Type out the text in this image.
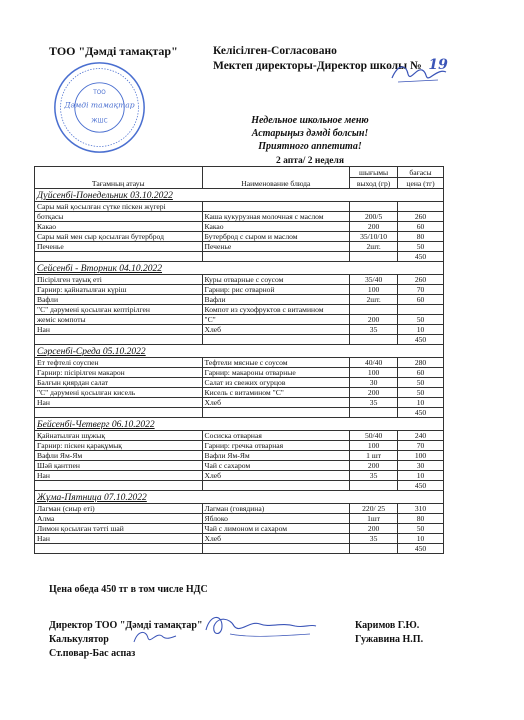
ТОО "Дәмді тамақтар"	Келісілген-Согласовано
Мектеп директоры-Директор школы № 19
ТОО
Дәмді тамақтар
ЖШС	Недельное школьное меню
Астарыңыз дәмді болсын!
Приятного аппетита!
2 апта/ 2 неделя
Тағамның атауы	Наименование блюда	шығымы	бағасы
		выход (гр)	цена (тг)
Дүйсенбі-Понедельник 03.10.2022			
Сары май қосылған сүтке піскен жүгері			
ботқасы	Каша кукурузная молочная с маслом	200/5	260
Какао	Какао	200	60
Сары май мен сыр қосылған бутерброд	Бутерброд с сыром и маслом	35/10/10	80
Печенье	Печенье	2шт.	50
			450
Сейсенбі - Вторник 04.10.2022			
Пісірілген тауық еті	Куры отварные с соусом	35/40	260
Гарнир: қайнатылған күріш	Гарнир: рис отварной	100	70
Вафли	Вафли	2шт.	60
"С" дәрумені қосылған кептірілген	Компот из сухофруктов с витамином		
жеміс компоты	"С"	200	50
Нан	Хлеб	35	10
			450
Сәрсенбі-Среда 05.10.2022			
Ет тефтелі соуспен	Тефтели мясные с соусом	40/40	280
Гарнир: пісірілген макарон	Гарнир: макароны отварные	100	60
Балғын қиярдан салат	Салат из свежих огурцов	30	50
"С" дәрумені қосылған кисель	Кисель с витамином "С"	200	50
Нан	Хлеб	35	10
			450
Бейсенбі-Четверг 06.10.2022			
Қайнатылған шұжық	Сосиска отварная	50/40	240
Гарнир: піскен қарақұмық	Гарнир: гречка отварная	100	70
Вафли Ям-Ям	Вафли Ям-Ям	1 шт	100
Шәй қантпен	Чай с сахаром	200	30
Нан	Хлеб	35	10
			450
Жұма-Пятница 07.10.2022			
Лагман (сиыр еті)	Лагман (говядина)	220/ 25	310
Алма	Яблоко	1шт	80
Лимон қосылған тәтті шай	Чай с лимоном и сахаром	200	50
Нан	Хлеб	35	10
			450
Цена обеда 450 тг в том числе НДС
Директор ТОО "Дәмді тамақтар"	Каримов Г.Ю.
Калькулятор	Гужавина Н.П.
Ст.повар-Бас аспаз
